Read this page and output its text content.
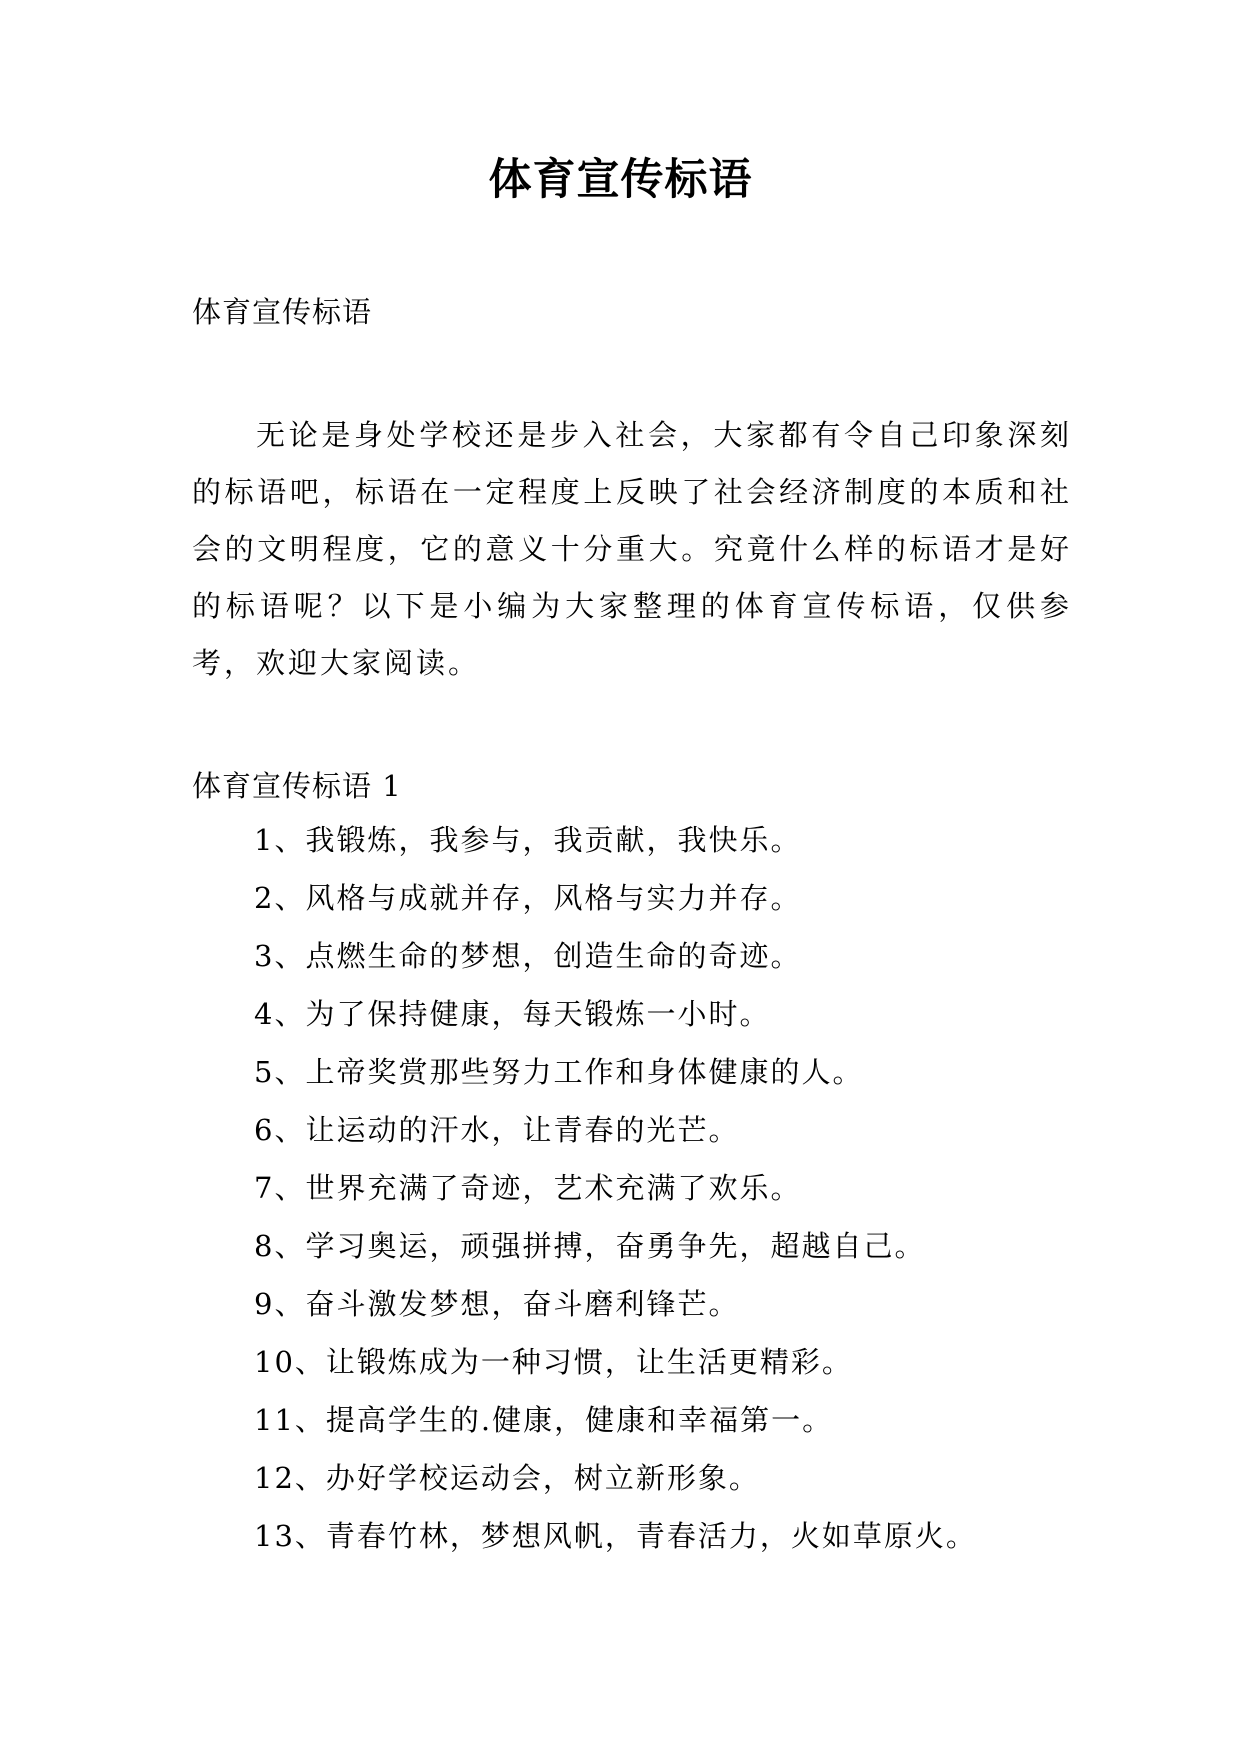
体育宣传标语

体育宣传标语

无论是身处学校还是步入社会，大家都有令自己印象深刻的标语吧，标语在一定程度上反映了社会经济制度的本质和社会的文明程度，它的意义十分重大。究竟什么样的标语才是好的标语呢？以下是小编为大家整理的体育宣传标语，仅供参考，欢迎大家阅读。

体育宣传标语 1

1、我锻炼，我参与，我贡献，我快乐。
2、风格与成就并存，风格与实力并存。
3、点燃生命的梦想，创造生命的奇迹。
4、为了保持健康，每天锻炼一小时。
5、上帝奖赏那些努力工作和身体健康的人。
6、让运动的汗水，让青春的光芒。
7、世界充满了奇迹，艺术充满了欢乐。
8、学习奥运，顽强拼搏，奋勇争先，超越自己。
9、奋斗激发梦想，奋斗磨利锋芒。
10、让锻炼成为一种习惯，让生活更精彩。
11、提高学生的.健康，健康和幸福第一。
12、办好学校运动会，树立新形象。
13、青春竹林，梦想风帆，青春活力，火如草原火。
